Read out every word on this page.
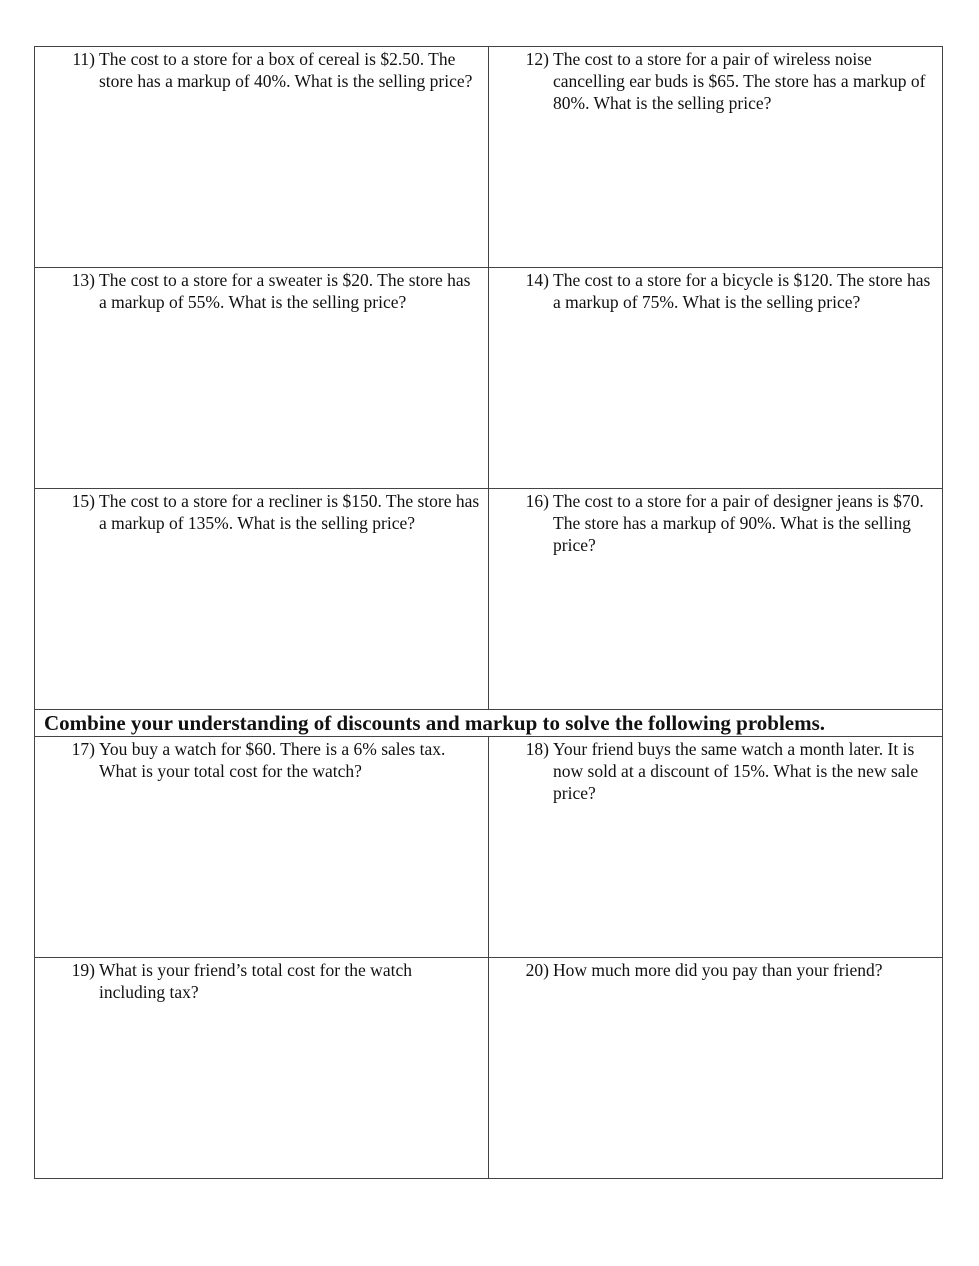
11) The cost to a store for a box of cereal is $2.50. The store has a markup of 40%. What is the selling price?	12) The cost to a store for a pair of wireless noise cancelling ear buds is $65. The store has a markup of 80%. What is the selling price?

13) The cost to a store for a sweater is $20. The store has a markup of 55%. What is the selling price?	14) The cost to a store for a bicycle is $120. The store has a markup of 75%. What is the selling price?

15) The cost to a store for a recliner is $150. The store has a markup of 135%. What is the selling price?	16) The cost to a store for a pair of designer jeans is $70. The store has a markup of 90%. What is the selling price?

Combine your understanding of discounts and markup to solve the following problems.	

17) You buy a watch for $60. There is a 6% sales tax. What is your total cost for the watch?	18) Your friend buys the same watch a month later. It is now sold at a discount of 15%. What is the new sale price?

19) What is your friend’s total cost for the watch including tax?	20) How much more did you pay than your friend?
